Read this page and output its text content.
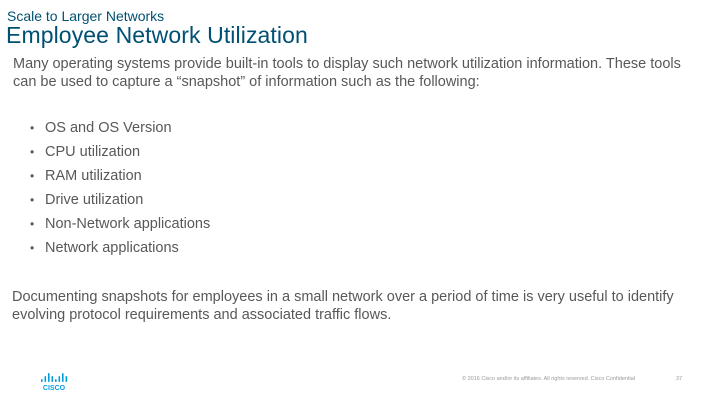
Scale to Larger Networks
Employee Network Utilization

Many operating systems provide built-in tools to display such network utilization information. These tools can be used to capture a “snapshot” of information such as the following:

• OS and OS Version
• CPU utilization
• RAM utilization
• Drive utilization
• Non-Network applications
• Network applications

Documenting snapshots for employees in a small network over a period of time is very useful to identify evolving protocol requirements and associated traffic flows.

CISCO
© 2016 Cisco and/or its affiliates. All rights reserved. Cisco Confidential	37
